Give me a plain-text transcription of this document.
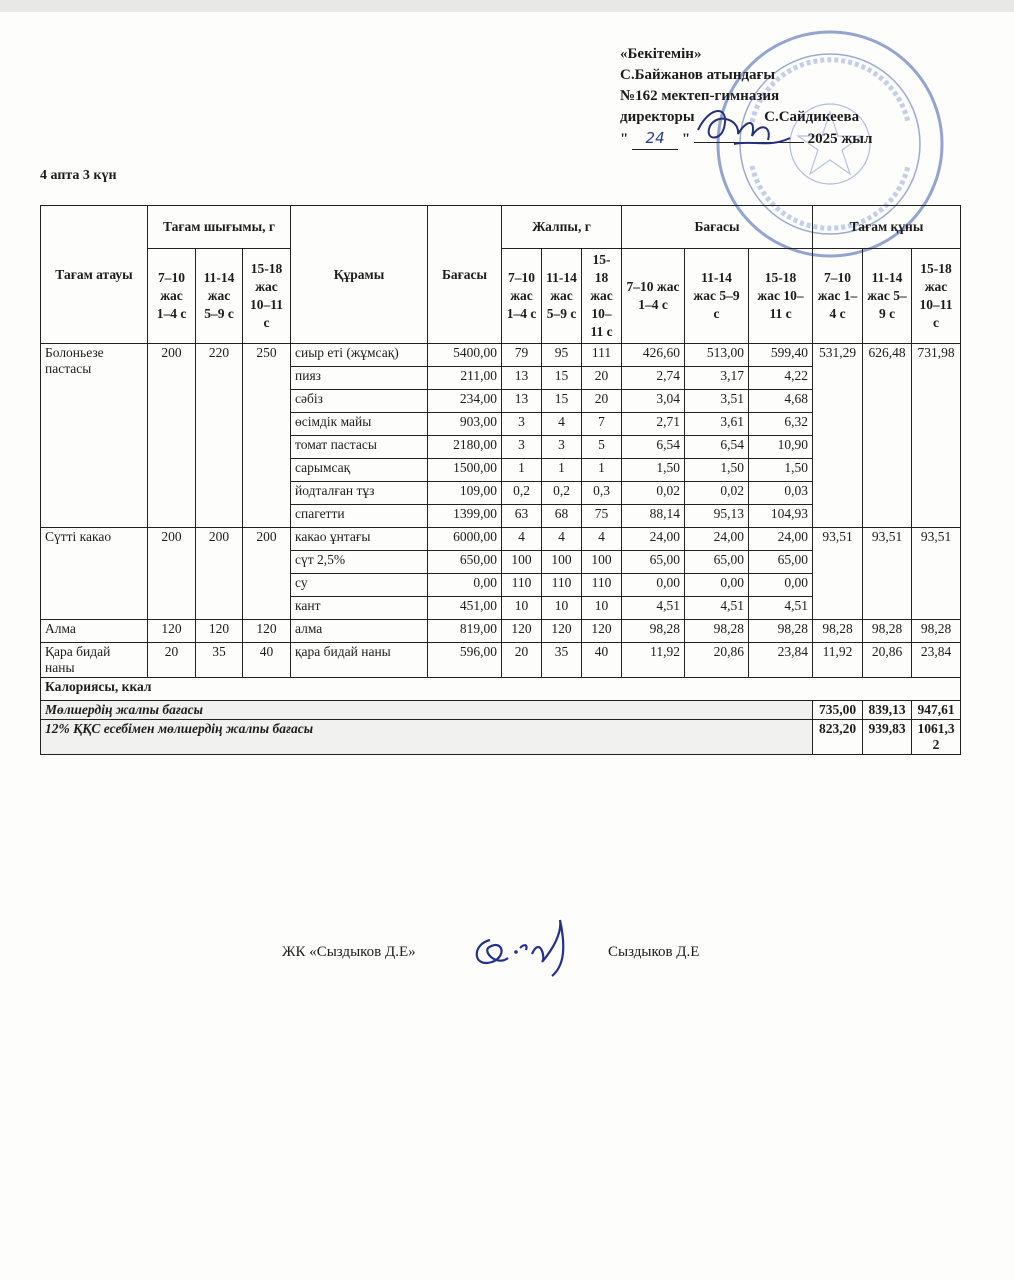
«Бекітемін»
С.Байжанов атындағы
№162 мектеп-гимназия
директоры	С.Сайдикеева
" 24 "	2025 жыл
4 апта 3 күн
Тағам атауы	Тағам шығымы, г			Құрамы	Бағасы	Жалпы, г			Бағасы			Тағам құны		
	7–10 жас 1–4 с	11-14 жас 5–9 с	15-18 жас 10–11 с			7–10 жас 1–4 с	11-14 жас 5–9 с	15-18 жас 10–11 с	7–10 жас 1–4 с	11-14 жас 5–9 с	15-18 жас 10–11 с	7–10 жас 1–4 с	11-14 жас 5–9 с	15-18 жас 10–11 с
Болоньезе пастасы	200	220	250	сиыр еті (жұмсақ)	5400,00	79	95	111	426,60	513,00	599,40	531,29	626,48	731,98
				пияз	211,00	13	15	20	2,74	3,17	4,22			
				сәбіз	234,00	13	15	20	3,04	3,51	4,68			
				өсімдік майы	903,00	3	4	7	2,71	3,61	6,32			
				томат пастасы	2180,00	3	3	5	6,54	6,54	10,90			
				сарымсақ	1500,00	1	1	1	1,50	1,50	1,50			
				йодталған тұз	109,00	0,2	0,2	0,3	0,02	0,02	0,03			
				спагетти	1399,00	63	68	75	88,14	95,13	104,93			
Сүтті какао	200	200	200	какао ұнтағы	6000,00	4	4	4	24,00	24,00	24,00	93,51	93,51	93,51
				сүт 2,5%	650,00	100	100	100	65,00	65,00	65,00			
				су	0,00	110	110	110	0,00	0,00	0,00			
				кант	451,00	10	10	10	4,51	4,51	4,51			
Алма	120	120	120	алма	819,00	120	120	120	98,28	98,28	98,28	98,28	98,28	98,28
Қара бидай наны	20	35	40	қара бидай наны	596,00	20	35	40	11,92	20,86	23,84	11,92	20,86	23,84
Калориясы, ккал														
Мөлшердің жалпы бағасы												735,00	839,13	947,61
12% ҚҚС есебімен мөлшердің жалпы бағасы												823,20	939,83	1061,32
ЖК «Сыздыков Д.Е»	Сыздыков Д.Е
